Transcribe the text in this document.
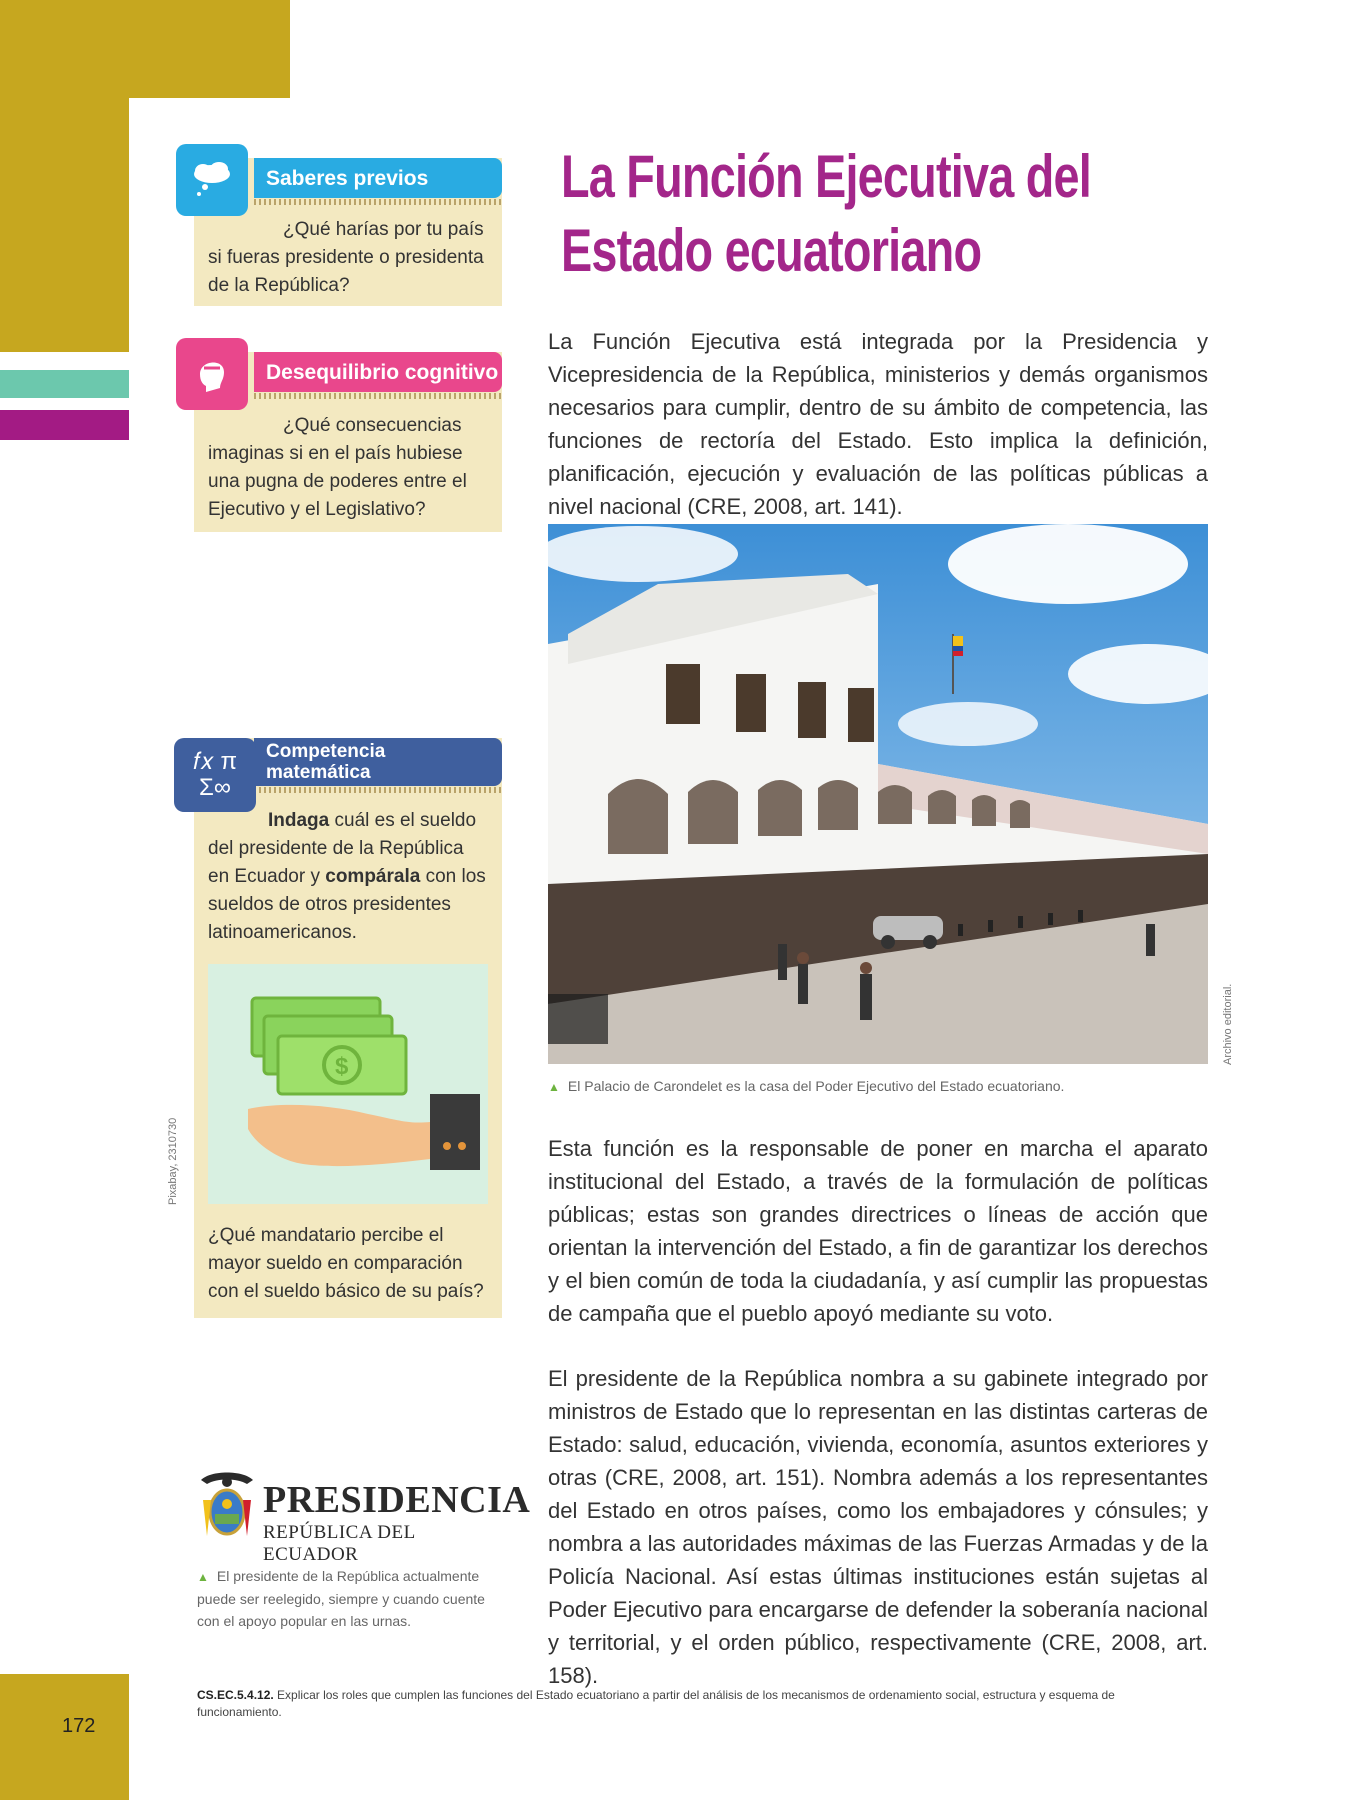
172
Saberes previos
¿Qué harías por tu país si fueras presidente o presidenta de la República?
Desequilibrio cognitivo
¿Qué consecuencias imaginas si en el país hubiese una pugna de poderes entre el Ejecutivo y el Legislativo?
Competencia
matemática
𝑓𝑥 π Σ∞
Indaga cuál es el sueldo del presidente de la República en Ecuador y compárala con los sueldos de otros presidentes latinoamericanos.
$
¿Qué mandatario percibe el mayor sueldo en comparación con el sueldo básico de su país?
Pixabay, 2310730
La Función Ejecutiva del Estado ecuatoriano
La Función Ejecutiva está integrada por la Presidencia y Vicepresidencia de la República, ministerios y demás organismos necesarios para cumplir, dentro de su ámbito de competencia, las funciones de rectoría del Estado. Esto implica la definición, planificación, ejecución y evaluación de las políticas públicas a nivel nacional (CRE, 2008, art. 141).
Archivo editorial.
▲ El Palacio de Carondelet es la casa del Poder Ejecutivo del Estado ecuatoriano.
Esta función es la responsable de poner en marcha el aparato institucional del Estado, a través de la formulación de políticas públicas; estas son grandes directrices o líneas de acción que orientan la intervención del Estado, a fin de garantizar los derechos y el bien común de toda la ciudadanía, y así cumplir las propuestas de campaña que el pueblo apoyó mediante su voto.
El presidente de la República nombra a su gabinete integrado por ministros de Estado que lo representan en las distintas carteras de Estado: salud, educación, vivienda, economía, asuntos exteriores y otras (CRE, 2008, art. 151). Nombra además a los representantes del Estado en otros países, como los embajadores y cónsules; y nombra a las autoridades máximas de las Fuerzas Armadas y de la Policía Nacional. Así estas últimas instituciones están sujetas al Poder Ejecutivo para encargarse de defender la soberanía nacional y territorial, y el orden público, respectivamente (CRE, 2008, art. 158).
PRESIDENCIA
REPÚBLICA DEL ECUADOR
▲ El presidente de la República actualmente puede ser reelegido, siempre y cuando cuente con el apoyo popular en las urnas.
CS.EC.5.4.12. Explicar los roles que cumplen las funciones del Estado ecuatoriano a partir del análisis de los mecanismos de ordenamiento social, estructura y esquema de funcionamiento.
